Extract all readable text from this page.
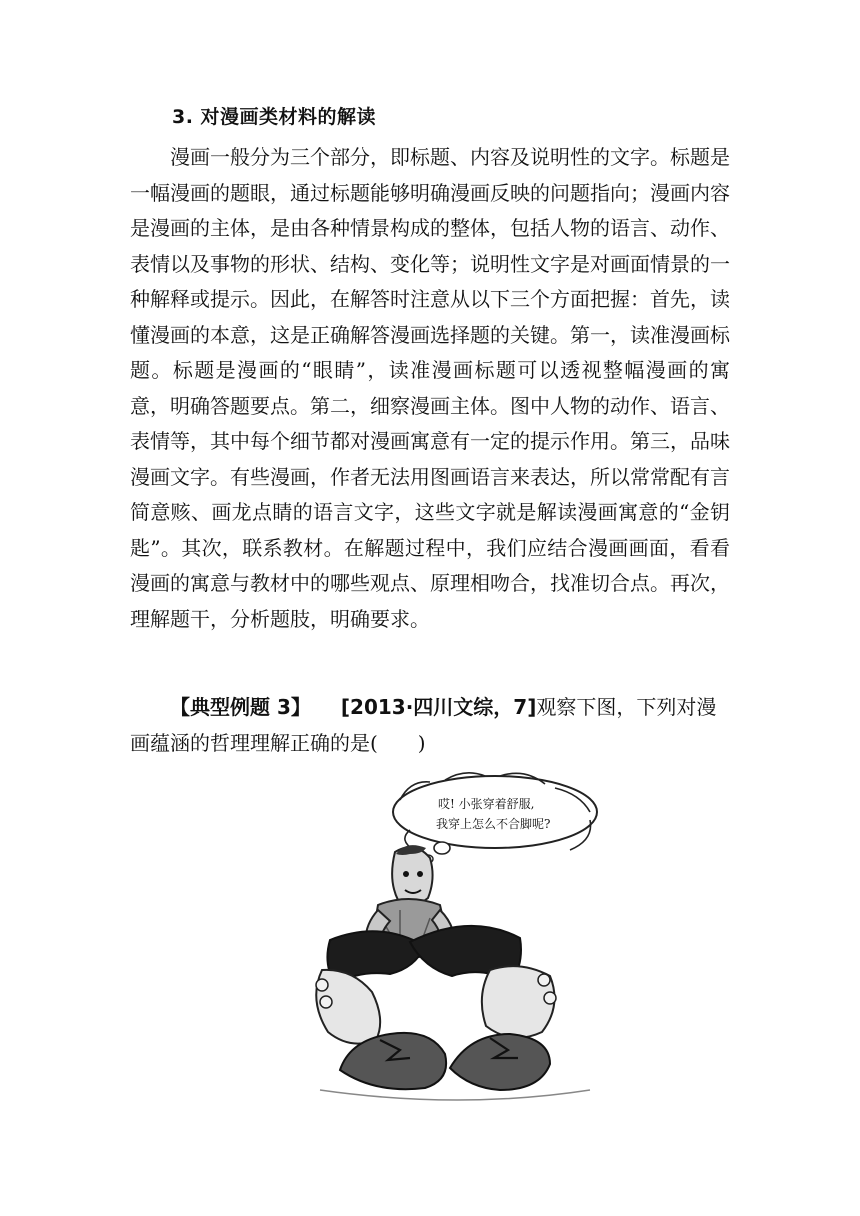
3. 对漫画类材料的解读

漫画一般分为三个部分，即标题、内容及说明性的文字。标题是一幅漫画的题眼，通过标题能够明确漫画反映的问题指向；漫画内容是漫画的主体，是由各种情景构成的整体，包括人物的语言、动作、表情以及事物的形状、结构、变化等；说明性文字是对画面情景的一种解释或提示。因此，在解答时注意从以下三个方面把握：首先，读懂漫画的本意，这是正确解答漫画选择题的关键。第一，读准漫画标题。标题是漫画的“眼睛”，读准漫画标题可以透视整幅漫画的寓意，明确答题要点。第二，细察漫画主体。图中人物的动作、语言、表情等，其中每个细节都对漫画寓意有一定的提示作用。第三，品味漫画文字。有些漫画，作者无法用图画语言来表达，所以常常配有言简意赅、画龙点睛的语言文字，这些文字就是解读漫画寓意的“金钥匙”。其次，联系教材。在解题过程中，我们应结合漫画画面，看看漫画的寓意与教材中的哪些观点、原理相吻合，找准切合点。再次，理解题干，分析题肢，明确要求。

【典型例题 3】 [2013·四川文综，7]观察下图，下列对漫画蕴涵的哲理理解正确的是(　　)

哎! 小张穿着舒服,
我穿上怎么不合脚呢?
